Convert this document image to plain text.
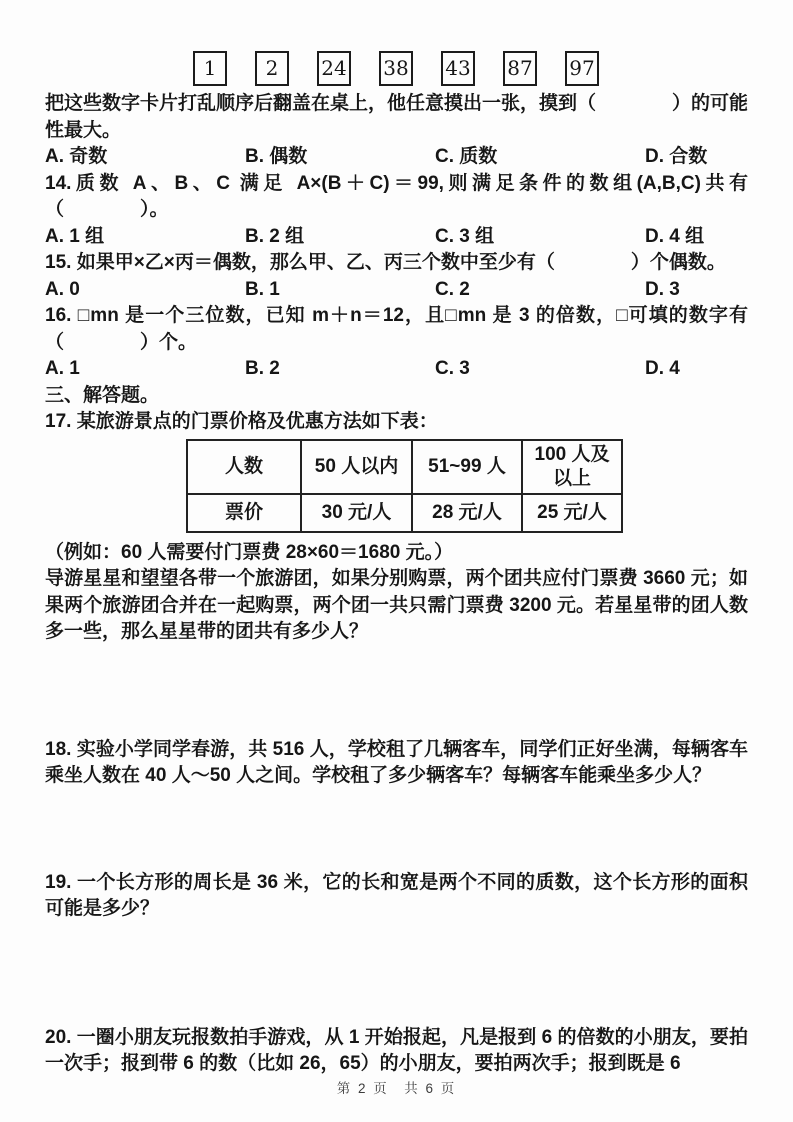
1	2	24 38 43 87 97

把这些数字卡片打乱顺序后翻盖在桌上，他任意摸出一张，摸到（　　　　）的可能性最大。

A. 奇数	B. 偶数	C. 质数	D. 合数

14.质数 A、B、C 满足 A×(B＋C)＝99,则满足条件的数组(A,B,C)共有（　　　　）。

A. 1 组	B. 2 组	C. 3 组	D. 4 组

15. 如果甲×乙×丙＝偶数，那么甲、乙、丙三个数中至少有（　　　　）个偶数。

A. 0	B. 1	C. 2	D. 3

16. □mn 是一个三位数，已知 m＋n＝12，且□mn 是 3 的倍数，□可填的数字有（　　　　）个。

A. 1	B. 2	C. 3	D. 4

三、解答题。

17. 某旅游景点的门票价格及优惠方法如下表：

人数	50 人以内	51~99 人	100 人及以上
票价	30 元/人	28 元/人	25 元/人

（例如：60 人需要付门票费 28×60＝1680 元。）

导游星星和望望各带一个旅游团，如果分别购票，两个团共应付门票费 3660 元；如果两个旅游团合并在一起购票，两个团一共只需门票费 3200 元。若星星带的团人数多一些，那么星星带的团共有多少人？

18. 实验小学同学春游，共 516 人，学校租了几辆客车，同学们正好坐满，每辆客车乘坐人数在 40 人～50 人之间。学校租了多少辆客车？每辆客车能乘坐多少人？

19. 一个长方形的周长是 36 米，它的长和宽是两个不同的质数，这个长方形的面积可能是多少？

20. 一圈小朋友玩报数拍手游戏，从 1 开始报起，凡是报到 6 的倍数的小朋友，要拍一次手；报到带 6 的数（比如 26，65）的小朋友，要拍两次手；报到既是 6

第 2 页　共 6 页
